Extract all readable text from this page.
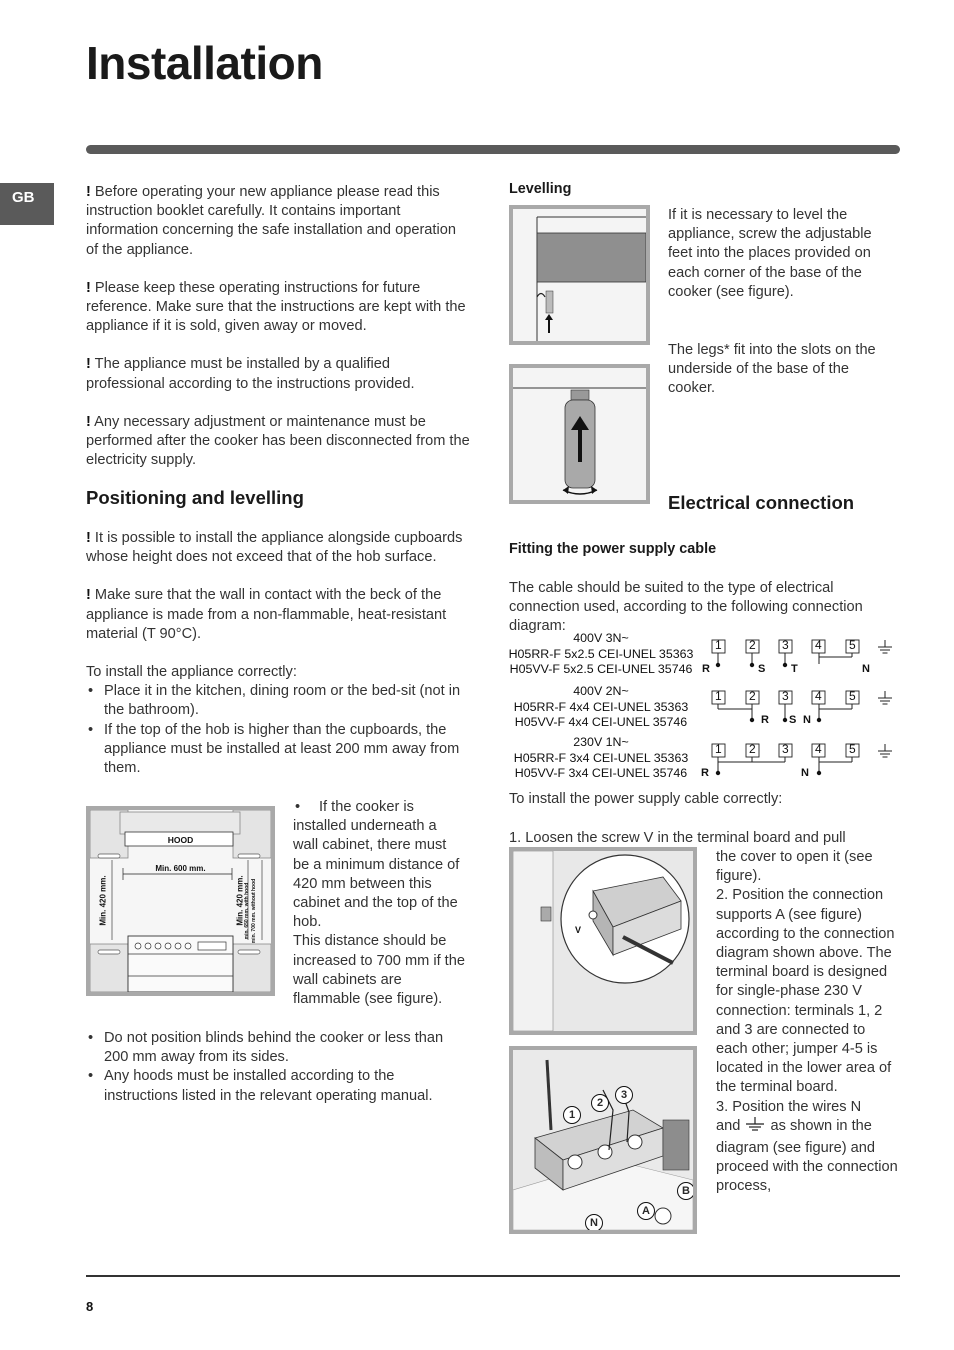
Installation
GB	! Before operating your new appliance please read this instruction booklet carefully. It contains important information concerning the safe installation and operation of the appliance.

! Please keep these operating instructions for future reference. Make sure that the instructions are kept with the appliance if it is sold, given away or moved.

! The appliance must be installed by a qualified professional according to the instructions provided.

! Any necessary adjustment or maintenance must be performed after the cooker has been disconnected from the electricity supply.

Positioning and levelling

! It is possible to install the appliance alongside cupboards whose height does not exceed that of the hob surface.

! Make sure that the wall in contact with the beck of the appliance is made from a non-flammable, heat-resistant material (T 90°C).

To install the appliance correctly:

• Place it in the kitchen, dining room or the bed-sit (not in the bathroom).
• If the top of the hob is higher than the cupboards, the appliance must be installed at least 200 mm away from them.
HOOD
Min. 600 mm.
Min. 420 mm.	Min. 420 mm. min. 650 mm. with hood min. 700 mm. without hood

• If the cooker is installed underneath a wall cabinet, there must be a minimum distance of 420 mm between this cabinet and the top of the hob.

This distance should be increased to 700 mm if the wall cabinets are flammable (see figure).

• Do not position blinds behind the cooker or less than 200 mm away from its sides.
• Any hoods must be installed according to the instructions listed in the relevant operating manual.
Levelling
If it is necessary to level the appliance, screw the adjustable feet into the places provided on each corner of the base of the cooker (see figure).
The legs* fit into the slots on the underside of the base of the cooker.
Electrical connection
Fitting the power supply cable
The cable should be suited to the type of electrical connection used, according to the following connection diagram:
400V 3N~
H05RR-F 5x2.5 CEI-UNEL 35363
H05VV-F 5x2.5 CEI-UNEL 35746
400V 2N~
H05RR-F 4x4 CEI-UNEL 35363
H05VV-F 4x4 CEI-UNEL 35746
230V 1N~
H05RR-F 3x4 CEI-UNEL 35363
H05VV-F 3x4 CEI-UNEL 35746
1 2 3 4 5
R	S T	N
1 2 3 4 5
R S N
1 2 3 4 5
R	N
To install the power supply cable correctly:
1. Loosen the screw V in the terminal board and pull
V

the cover to open it (see figure).

2. Position the connection supports A (see figure) according to the connection diagram shown above. The terminal board is designed for single-phase 230 V connection: terminals 1, 2 and 3 are connected to each other; jumper 4-5 is located in the lower area of the terminal board.

3. Position the wires N
and as shown in the diagram (see figure) and proceed with the connection process,

1
2
3
B
A
N
8
